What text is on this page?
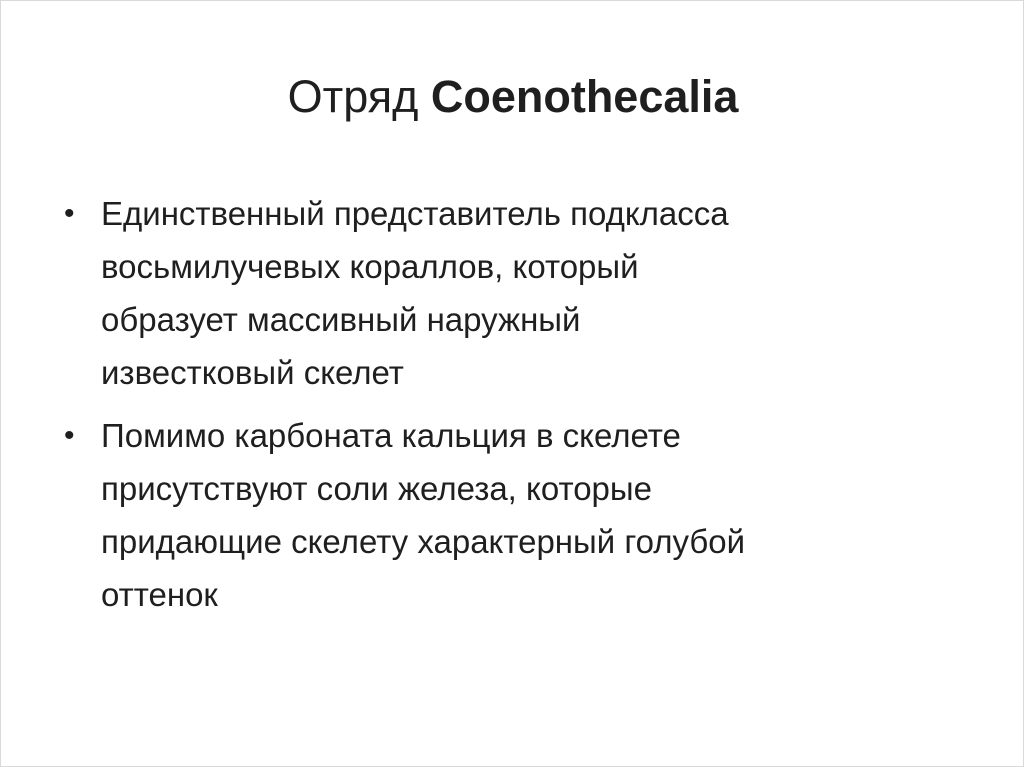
Отряд Coenothecalia
• Единственный представитель подкласса
восьмилучевых кораллов, который
образует массивный наружный
известковый скелет
• Помимо карбоната кальция в скелете
присутствуют соли железа, которые
придающие скелету характерный голубой
оттенок
